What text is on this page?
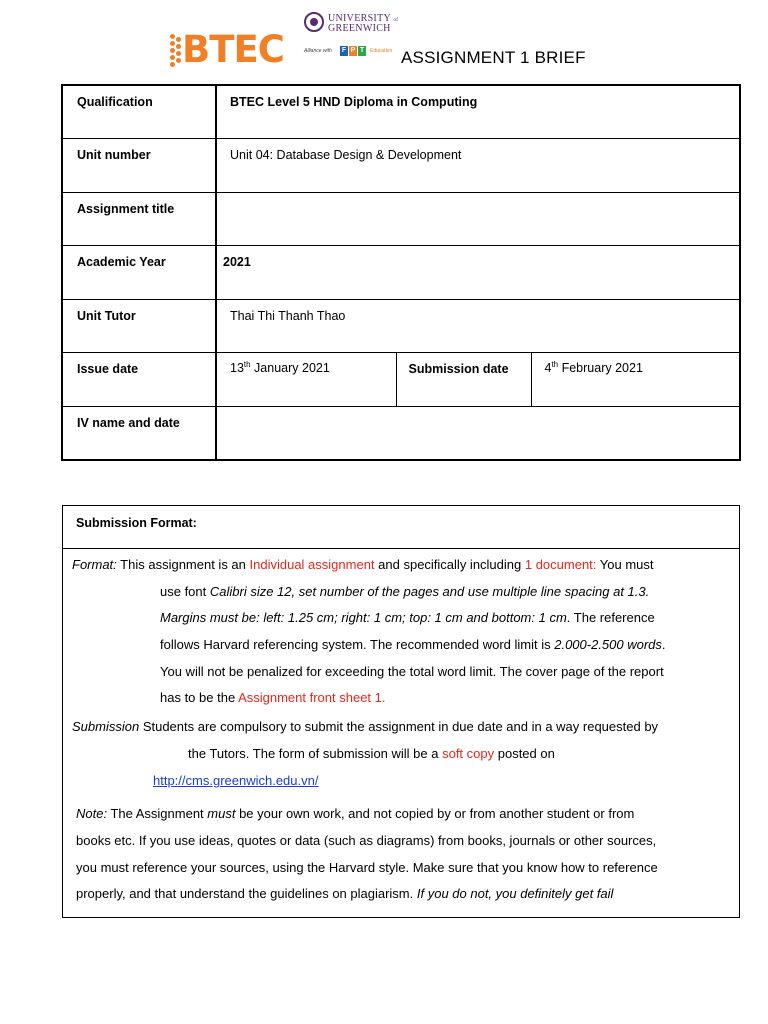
BTEC
UNIVERSITY of
GREENWICH
Alliance with F P T	Education ASSIGNMENT 1 BRIEF
Qualification	BTEC Level 5 HND Diploma in Computing		
Unit number	Unit 04: Database Design & Development		
Assignment title			
Academic Year	2021		
Unit Tutor	Thai Thi Thanh Thao		
Issue date	13th January 2021	Submission date	4th February 2021
IV name and date			
Submission Format:
Format: This assignment is an Individual assignment and specifically including 1 document: You must
use font Calibri size 12, set number of the pages and use multiple line spacing at 1.3.
Margins must be: left: 1.25 cm; right: 1 cm; top: 1 cm and bottom: 1 cm. The reference
follows Harvard referencing system. The recommended word limit is 2.000-2.500 words.
You will not be penalized for exceeding the total word limit. The cover page of the report
has to be the Assignment front sheet 1.
Submission Students are compulsory to submit the assignment in due date and in a way requested by
the Tutors. The form of submission will be a soft copy posted on
http://cms.greenwich.edu.vn/
Note: The Assignment must be your own work, and not copied by or from another student or from
books etc. If you use ideas, quotes or data (such as diagrams) from books, journals or other sources,
you must reference your sources, using the Harvard style. Make sure that you know how to reference
properly, and that understand the guidelines on plagiarism. If you do not, you definitely get fail
